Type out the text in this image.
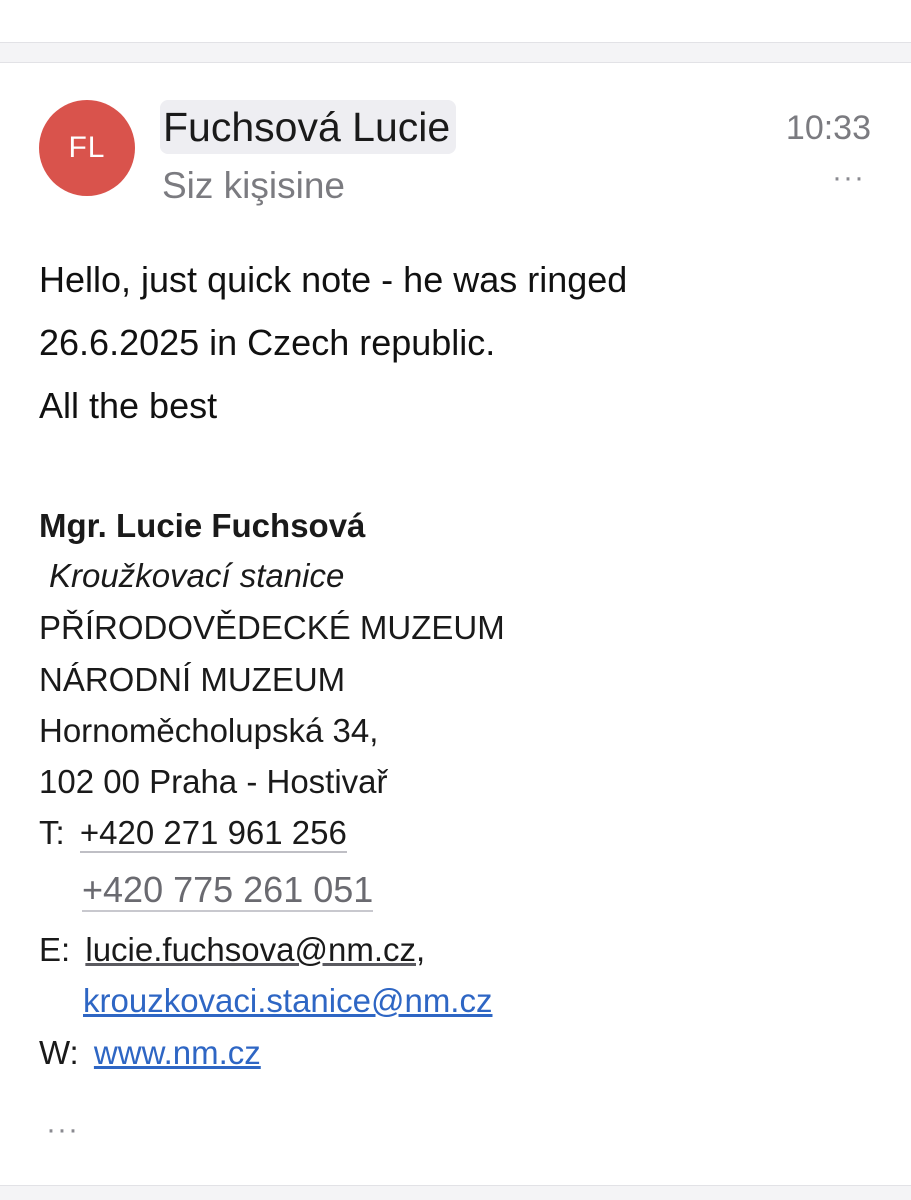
FL Fuchsová Lucie
Siz kişisine
10:33
···
Hello, just quick note - he was ringed
26.6.2025 in Czech republic.
All the best
Mgr. Lucie Fuchsová
Kroužkovací stanice
PŘÍRODOVĚDECKÉ MUZEUM
NÁRODNÍ MUZEUM
Hornoměcholupská 34,
102 00 Praha - Hostivař
T: +420 271 961 256
+420 775 261 051
E: lucie.fuchsova@nm.cz,
krouzkovaci.stanice@nm.cz
W: www.nm.cz
···
